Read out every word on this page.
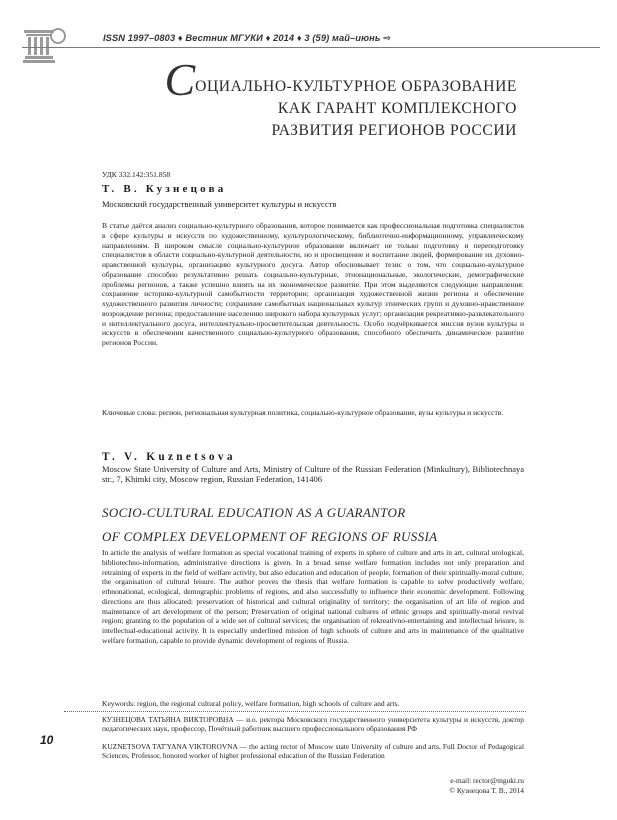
ISSN 1997–0803 ♦ Вестник МГУКИ ♦ 2014 ♦ 3 (59) май–июнь ⇨
СОЦИАЛЬНО-КУЛЬТУРНОЕ ОБРАЗОВАНИЕ
КАК ГАРАНТ КОМПЛЕКСНОГО
РАЗВИТИЯ РЕГИОНОВ РОССИИ
УДК 332.142:351.858
Т. В. Кузнецова
Московский государственный университет культуры и искусств
В статье даётся анализ социально-культурного образования, которое понимается как профессиональная подготовка специалистов в сфере культуры и искусств по художественному, культурологическому, библиотечно-информационному, управленческому направлениям. В широком смысле социально-культурное образование включает не только подготовку и переподготовку специалистов в области социально-культурной деятельности, но и просвещение и воспитание людей, формирование их духовно-нравственной культуры, организацию культурного досуга. Автор обосновывает тезис о том, что социально-культурное образование способно результативно решать социально-культурные, этнонациональные, экологические, демографические проблемы регионов, а также успешно влиять на их экономическое развитие. При этом выделяются следующие направления: сохранение историко-культурной самобытности территории; организация художественной жизни региона и обеспечение художественного развития личности; сохранение самобытных национальных культур этнических групп и духовно-нравственное возрождение региона; предоставление населению широкого набора культурных услуг; организация рекреативно-развлекательного и интеллектуального досуга, интеллектуально-просветительская деятельность. Особо подчёркивается миссия вузов культуры и искусств в обеспечении качественного социально-культурного образования, способного обеспечить динамическое развитие регионов России.
Ключевые слова: регион, региональная культурная политика, социально-культурное образование, вузы культуры и искусств.
T. V. Kuznetsova
Moscow State University of Culture and Arts, Ministry of Culture of the Russian Federation (Minkultury), Bibliotechnaya str., 7, Khimki city, Moscow region, Russian Federation, 141406
SOCIO-CULTURAL EDUCATION AS A GUARANTOR
OF COMPLEX DEVELOPMENT OF REGIONS OF RUSSIA
In article the analysis of welfare formation as special vocational training of experts in sphere of culture and arts in art, cultural urological, bibliotechno-information, administrative directions is given. In a broad sense welfare formation includes not only preparation and retraining of experts in the field of welfare activity, but also education and education of people, formation of their spiritually-moral culture, the organisation of cultural leisure. The author proves the thesis that welfare formation is capable to solve productively welfare, ethnonational, ecological, demographic problems of regions, and also successfully to influence their economic development. Following directions are thus allocated: preservation of historical and cultural originality of territory; the organisation of art life of region and maintenance of art development of the person; Preservation of original national cultures of ethnic groups and spiritually-moral revival region; granting to the population of a wide set of cultural services; the organisation of rekreativno-entertaining and intellectual leisure, is intellectual-educational activity. It is especially underlined mission of high schools of culture and arts in maintenance of the qualitative welfare formation, capable to provide dynamic development of regions of Russia.
Keywords: region, the regional cultural policy, welfare formation, high schools of culture and arts.
10
КУЗНЕЦОВА ТАТЬЯНА ВИКТОРОВНА — и.о. ректора Московского государственного университета культуры и искусств, доктор педагогических наук, профессор, Почётный работник высшего профессионального образования РФ
KUZNETSOVA TAT'YANA VIKTOROVNA — the acting rector of Moscow state University of culture and arts, Full Doctor of Pedagogical Sciences, Professor, honored worker of higher professional education of the Russian Federation
e-mail: rector@mguki.ru
© Кузнецова Т. В., 2014
